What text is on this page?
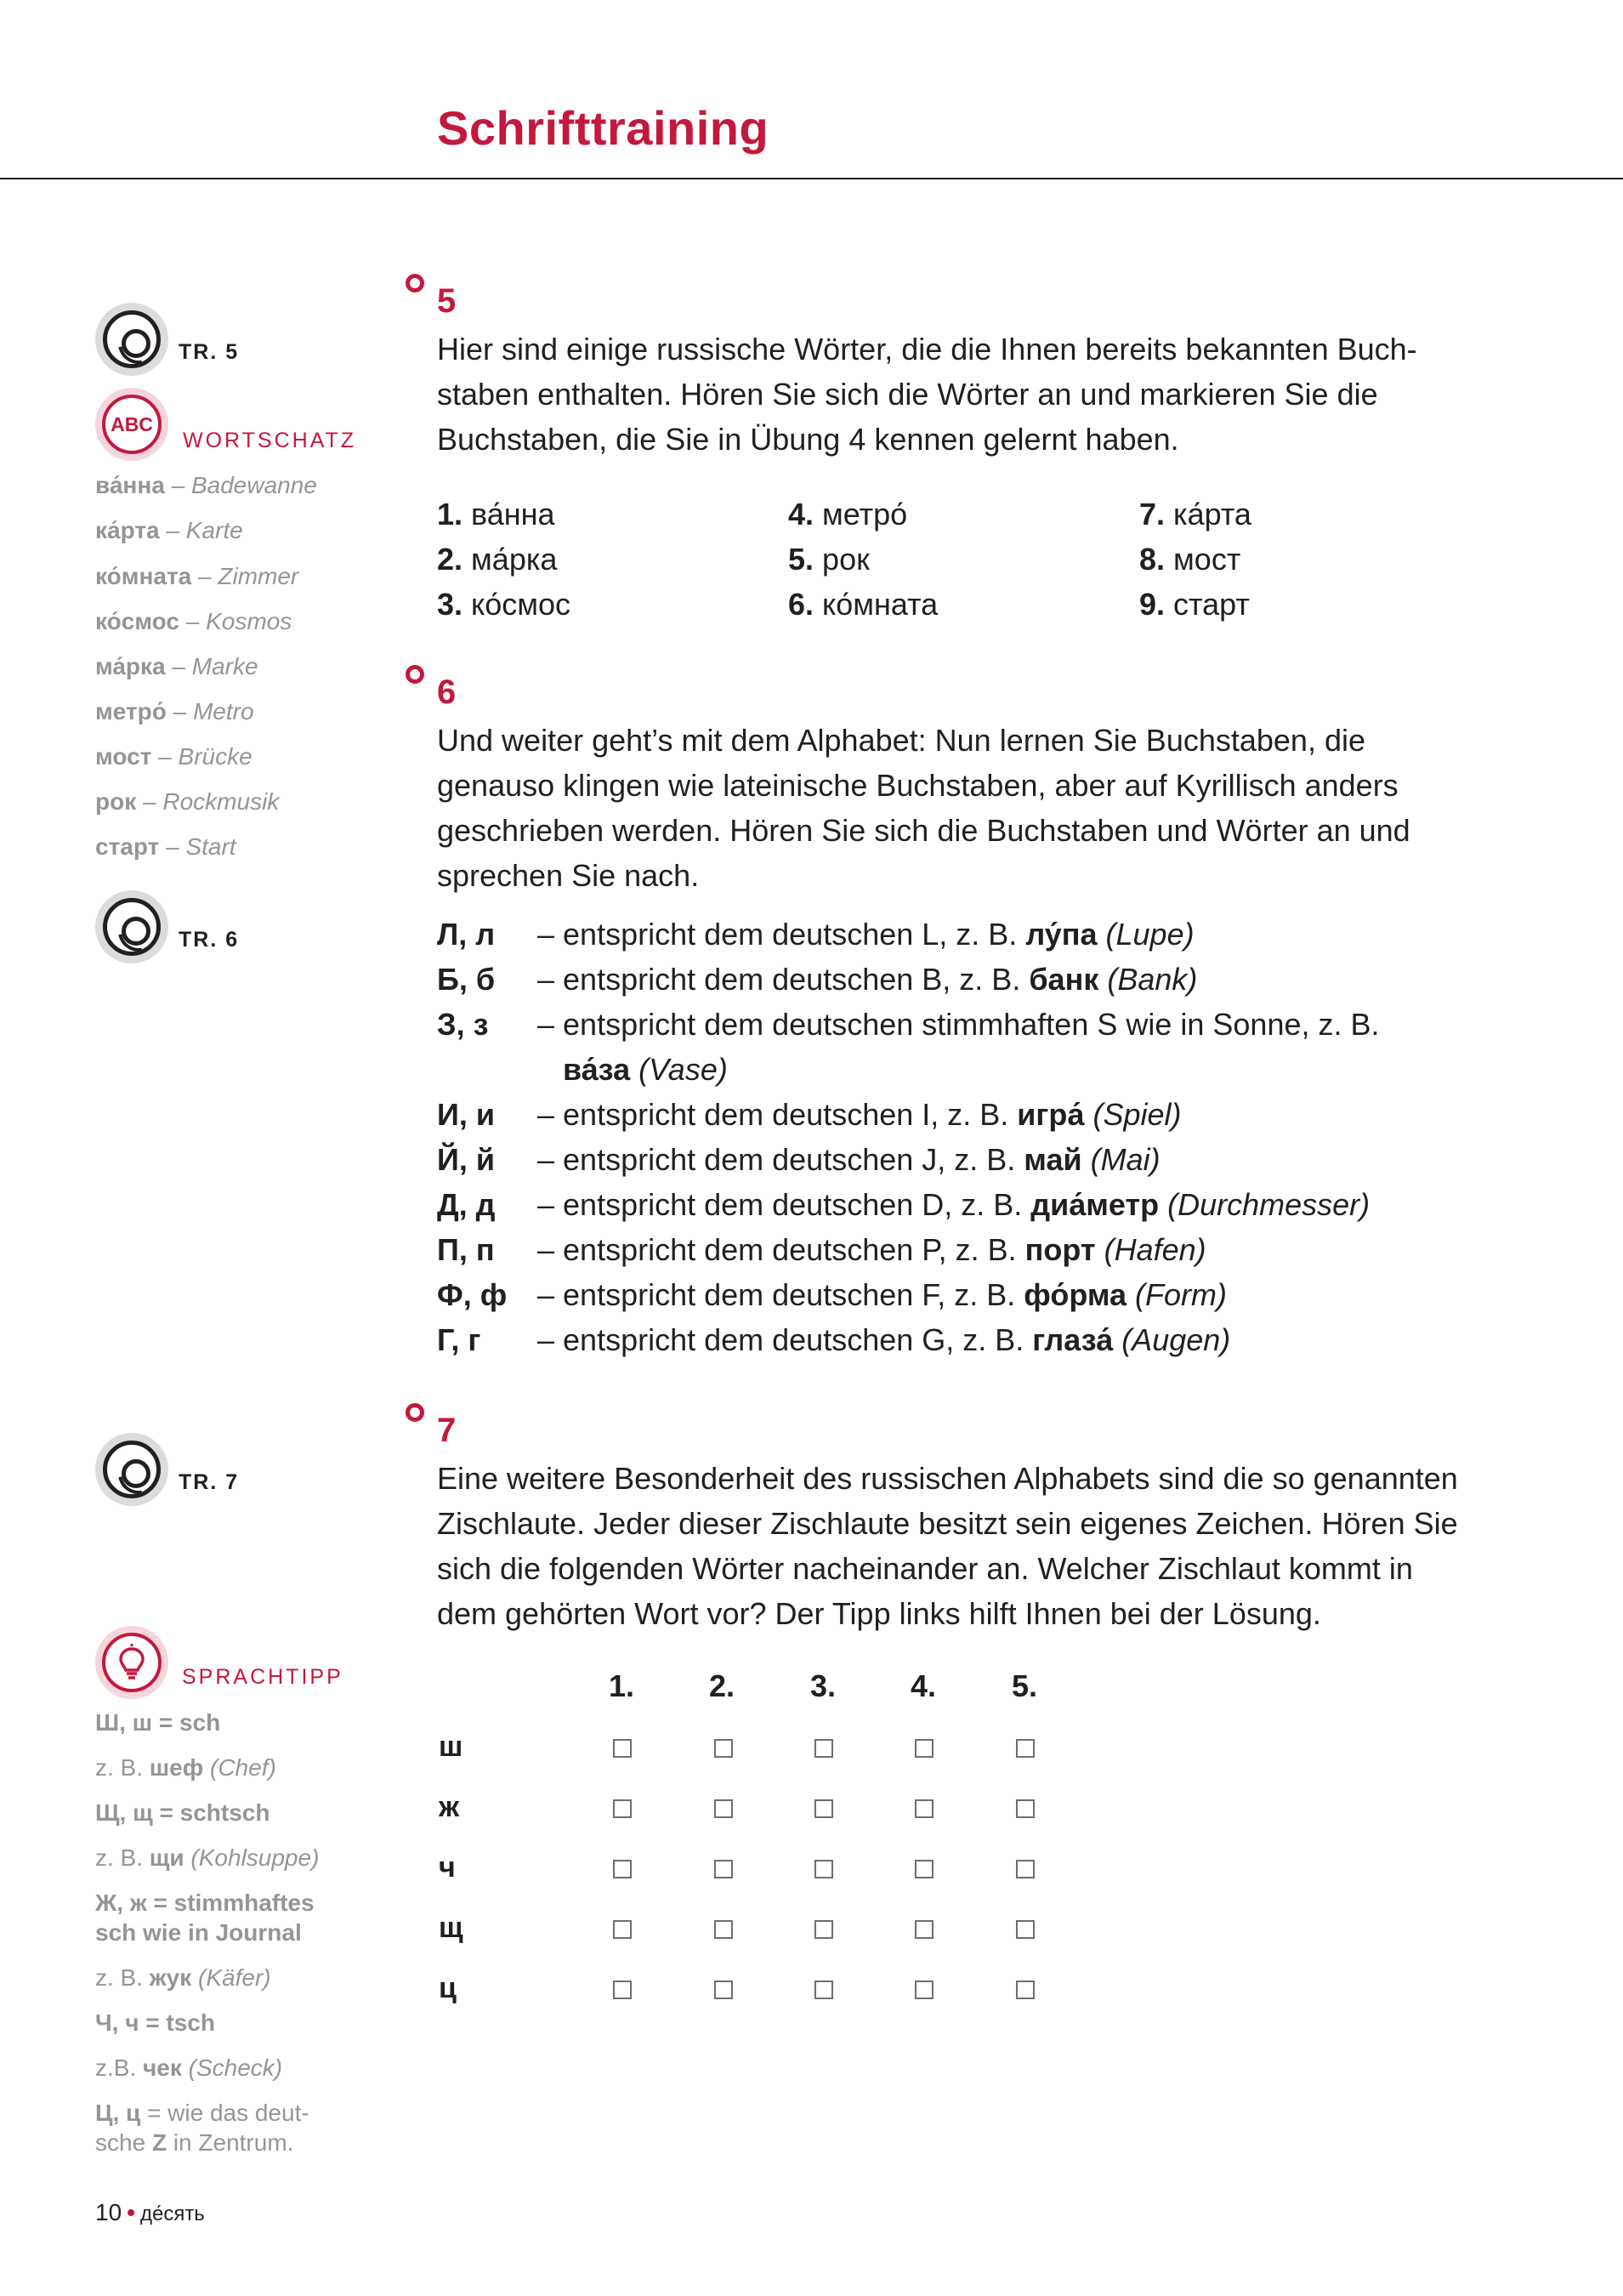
Schrifttraining
TR. 5
ABC
WORTSCHATZ
ва́нна – Badewanne
ка́рта – Karte
ко́мната – Zimmer
ко́смос – Kosmos
ма́рка – Marke
метро́ – Metro
мост – Brücke
рок – Rockmusik
старт – Start
TR. 6
TR. 7
SPRACHTIPP
Ш, ш = sch
z. B. шеф (Chef)
Щ, щ = schtsch
z. B. щи (Kohlsuppe)
Ж, ж = stimmhaftes
sch wie in Journal
z. B. жук (Käfer)
Ч, ч = tsch
z.B. чек (Scheck)
Ц, ц = wie das deut-
sche Z in Zentrum.
10 • де́сять
5
Hier sind einige russische Wörter, die die Ihnen bereits bekannten Buch-
staben enthalten. Hören Sie sich die Wörter an und markieren Sie die
Buchstaben, die Sie in Übung 4 kennen gelernt haben.
1. ва́нна
2. ма́рка
3. ко́смос
4. метро́
5. рок
6. ко́мната
7. ка́рта
8. мост
9. старт
6
Und weiter geht’s mit dem Alphabet: Nun lernen Sie Buchstaben, die
genauso klingen wie lateinische Buchstaben, aber auf Kyrillisch anders
geschrieben werden. Hören Sie sich die Buchstaben und Wörter an und
sprechen Sie nach.
Л, л – entspricht dem deutschen L, z. B. лу́па (Lupe)
Б, б – entspricht dem deutschen B, z. B. банк (Bank)
З, з – entspricht dem deutschen stimmhaften S wie in Sonne, z. B.
ва́за (Vase)
И, и – entspricht dem deutschen I, z. B. игра́ (Spiel)
Й, й – entspricht dem deutschen J, z. B. май (Mai)
Д, д – entspricht dem deutschen D, z. B. диа́метр (Durchmesser)
П, п – entspricht dem deutschen P, z. B. порт (Hafen)
Ф, ф – entspricht dem deutschen F, z. B. фо́рма (Form)
Г, г – entspricht dem deutschen G, z. B. глаза́ (Augen)
7
Eine weitere Besonderheit des russischen Alphabets sind die so genannten
Zischlaute. Jeder dieser Zischlaute besitzt sein eigenes Zeichen. Hören Sie
sich die folgenden Wörter nacheinander an. Welcher Zischlaut kommt in
dem gehörten Wort vor? Der Tipp links hilft Ihnen bei der Lösung.
1. 2. 3. 4. 5.
ш
ж
ч
щ
ц
